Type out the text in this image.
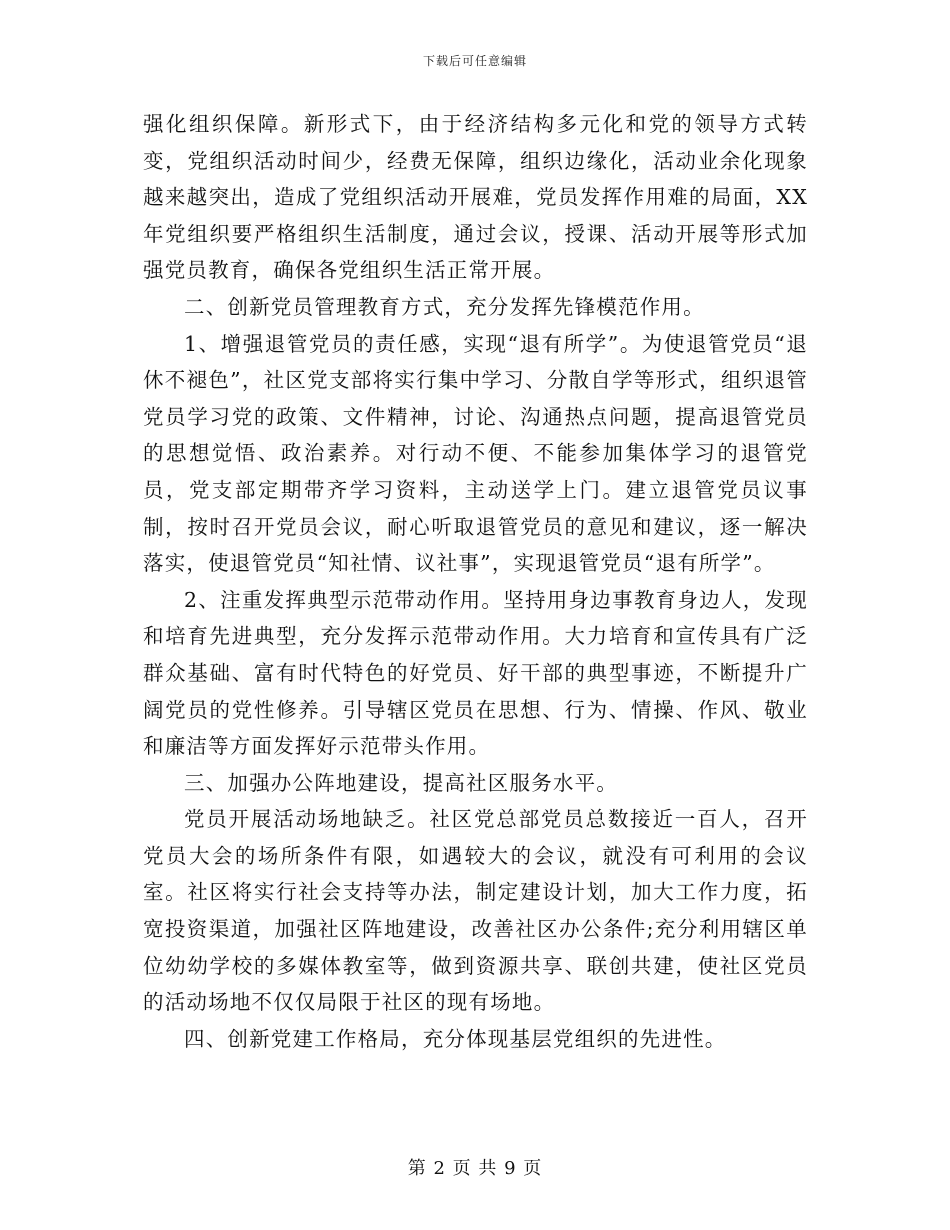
下载后可任意编辑

强化组织保障。新形式下，由于经济结构多元化和党的领导方式转变，党组织活动时间少，经费无保障，组织边缘化，活动业余化现象越来越突出，造成了党组织活动开展难，党员发挥作用难的局面，XX年党组织要严格组织生活制度，通过会议，授课、活动开展等形式加强党员教育，确保各党组织生活正常开展。

二、创新党员管理教育方式，充分发挥先锋模范作用。

1、增强退管党员的责任感，实现“退有所学”。为使退管党员“退休不褪色”，社区党支部将实行集中学习、分散自学等形式，组织退管党员学习党的政策、文件精神，讨论、沟通热点问题，提高退管党员的思想觉悟、政治素养。对行动不便、不能参加集体学习的退管党员，党支部定期带齐学习资料，主动送学上门。建立退管党员议事制，按时召开党员会议，耐心听取退管党员的意见和建议，逐一解决落实，使退管党员“知社情、议社事”，实现退管党员“退有所学”。

2、注重发挥典型示范带动作用。坚持用身边事教育身边人，发现和培育先进典型，充分发挥示范带动作用。大力培育和宣传具有广泛群众基础、富有时代特色的好党员、好干部的典型事迹，不断提升广阔党员的党性修养。引导辖区党员在思想、行为、情操、作风、敬业和廉洁等方面发挥好示范带头作用。

三、加强办公阵地建设，提高社区服务水平。

党员开展活动场地缺乏。社区党总部党员总数接近一百人，召开党员大会的场所条件有限，如遇较大的会议，就没有可利用的会议室。社区将实行社会支持等办法，制定建设计划，加大工作力度，拓宽投资渠道，加强社区阵地建设，改善社区办公条件;充分利用辖区单位幼幼学校的多媒体教室等，做到资源共享、联创共建，使社区党员的活动场地不仅仅局限于社区的现有场地。

四、创新党建工作格局，充分体现基层党组织的先进性。

第 2 页 共 9 页
